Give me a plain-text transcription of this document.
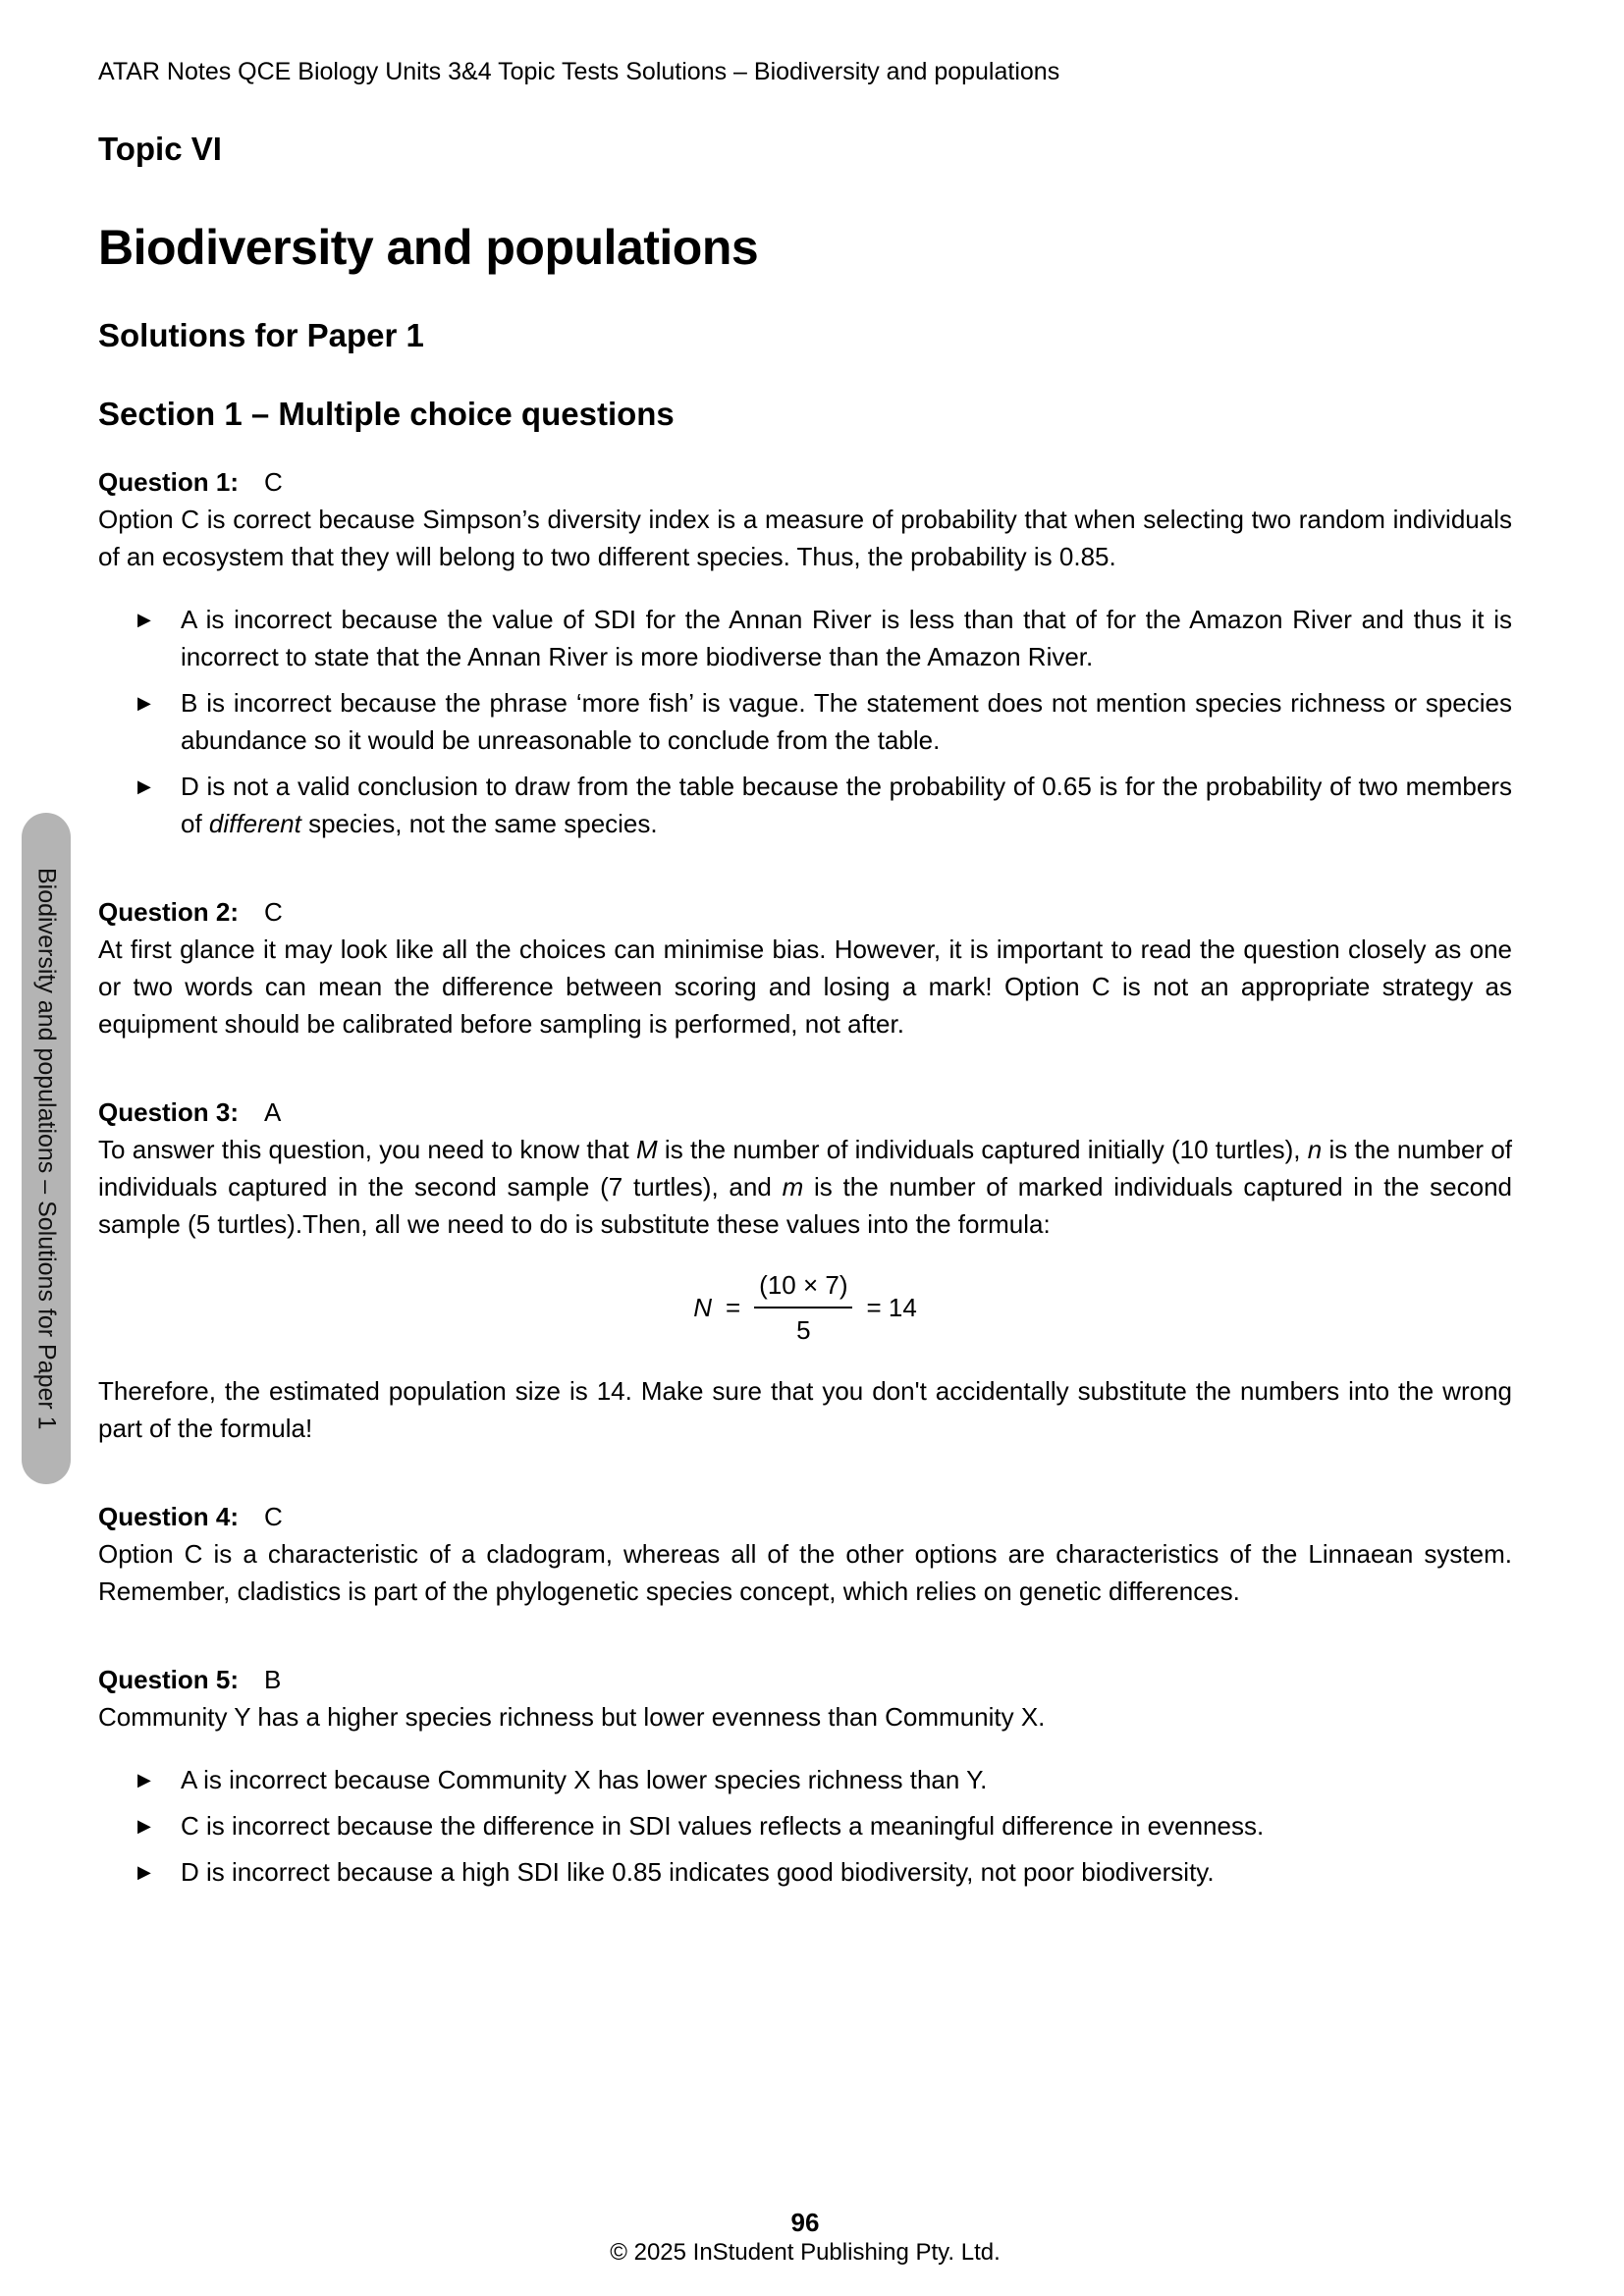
Biodiversity and populations – Solutions for Paper 1
ATAR Notes QCE Biology Units 3&4 Topic Tests Solutions – Biodiversity and populations
Topic VI
Biodiversity and populations
Solutions for Paper 1
Section 1 – Multiple choice questions

Question 1: C

Option C is correct because Simpson’s diversity index is a measure of probability that when selecting two random individuals of an ecosystem that they will belong to two different species. Thus, the probability is 0.85.

▶	A is incorrect because the value of SDI for the Annan River is less than that of for the Amazon River and thus it is incorrect to state that the Annan River is more biodiverse than the Amazon River.
▶	B is incorrect because the phrase ‘more fish’ is vague. The statement does not mention species richness or species abundance so it would be unreasonable to conclude from the table.
▶	D is not a valid conclusion to draw from the table because the probability of 0.65 is for the probability of two members of different species, not the same species.

Question 2: C

At first glance it may look like all the choices can minimise bias. However, it is important to read the question closely as one or two words can mean the difference between scoring and losing a mark! Option C is not an appropriate strategy as equipment should be calibrated before sampling is performed, not after.

Question 3: A

To answer this question, you need to know that M is the number of individuals captured initially (10 turtles), n is the number of individuals captured in the second sample (7 turtles), and m is the number of marked individuals captured in the second sample (5 turtles).Then, all we need to do is substitute these values into the formula:

$N = \frac{(10 \times 7)}{5} = 14$

Therefore, the estimated population size is 14. Make sure that you don't accidentally substitute the numbers into the wrong part of the formula!

Question 4: C

Option C is a characteristic of a cladogram, whereas all of the other options are characteristics of the Linnaean system. Remember, cladistics is part of the phylogenetic species concept, which relies on genetic differences.

Question 5: B

Community Y has a higher species richness but lower evenness than Community X.

▶	A is incorrect because Community X has lower species richness than Y.
▶	C is incorrect because the difference in SDI values reflects a meaningful difference in evenness.
▶	D is incorrect because a high SDI like 0.85 indicates good biodiversity, not poor biodiversity.
96
© 2025 InStudent Publishing Pty. Ltd.
